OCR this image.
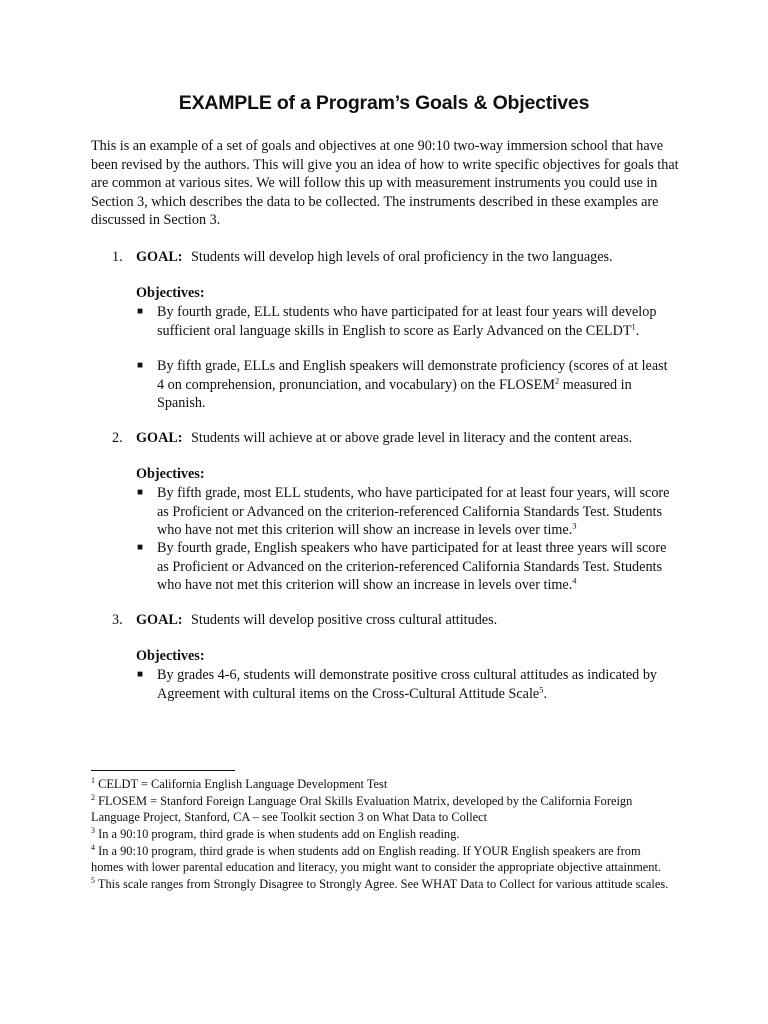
EXAMPLE of a Program’s Goals & Objectives
This is an example of a set of goals and objectives at one 90:10 two-way immersion school that have been revised by the authors. This will give you an idea of how to write specific objectives for goals that are common at various sites. We will follow this up with measurement instruments you could use in Section 3, which describes the data to be collected. The instruments described in these examples are discussed in Section 3.
1. GOAL: Students will develop high levels of oral proficiency in the two languages.
Objectives:
■ By fourth grade, ELL students who have participated for at least four years will develop sufficient oral language skills in English to score as Early Advanced on the CELDT$^1$.
■ By fifth grade, ELLs and English speakers will demonstrate proficiency (scores of at least 4 on comprehension, pronunciation, and vocabulary) on the FLOSEM$^2$ measured in Spanish.
2. GOAL: Students will achieve at or above grade level in literacy and the content areas.
Objectives:
■ By fifth grade, most ELL students, who have participated for at least four years, will score as Proficient or Advanced on the criterion-referenced California Standards Test. Students who have not met this criterion will show an increase in levels over time.$^3$
■ By fourth grade, English speakers who have participated for at least three years will score as Proficient or Advanced on the criterion-referenced California Standards Test. Students who have not met this criterion will show an increase in levels over time.$^4$
3. GOAL: Students will develop positive cross cultural attitudes.
Objectives:
■ By grades 4-6, students will demonstrate positive cross cultural attitudes as indicated by Agreement with cultural items on the Cross-Cultural Attitude Scale$^5$.
$^1$ CELDT = California English Language Development Test
$^2$ FLOSEM = Stanford Foreign Language Oral Skills Evaluation Matrix, developed by the California Foreign Language Project, Stanford, CA – see Toolkit section 3 on What Data to Collect
$^3$ In a 90:10 program, third grade is when students add on English reading.
$^4$ In a 90:10 program, third grade is when students add on English reading. If YOUR English speakers are from homes with lower parental education and literacy, you might want to consider the appropriate objective attainment.
$^5$ This scale ranges from Strongly Disagree to Strongly Agree. See WHAT Data to Collect for various attitude scales.
